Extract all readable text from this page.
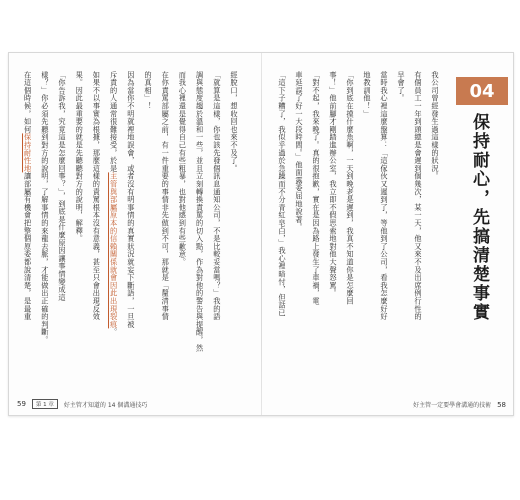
經脫口，想收回也來不及了。
「就算是這樣，你也該先發個訊息通知公司，不是比較妥當嗎？」我的語
調與態度趨於溫和一些，並且立刻轉換責罵的切入點，作為對他的警告與提醒，然
而我心裡還是覺得自己有些粗暴，也對他感到有些歉意。
在你責罵部屬之前，有一件重要的事情非先做到不可，那就是「釐清事情
的真相」！
因為當你不明就裡地誤會，或者沒有明事情的真實狀況就妄下斷語，一旦被
斥責的人通常很難接受，於是主管與部屬原本的信賴關係就會因此出現裂痕。
如果不以事實為根據，那麼這樣的責罵根本沒有意義，甚至只會出現反效
果。因此最重要的就是先聽聽對方的說明，解釋。
「你告訴我，究竟這是怎麼回事？」，到底是什麼原因讓事情變成這
樣？」你必須先聽到對方的說明，了解事情的來龍去脈，才能做出正確的判斷。
在這個時候，如何保持耐性地讓部屬有機會把整個原委都說清楚，是最重
59	第 1 章	好主管才知道的 14 個溝通技巧
04
保持耐心，先搞清楚事實
我公司曾經發生過這樣的狀況。
有個員工一年到頭總是會遲到個幾次，某一天，他又來不及出席例行性的
早會了。
當時我心裡這麼盤算：「這傢伙又遲到了，等他到了公司，看我怎麼好好
地教訓他！」
「你到底在摸什麼魚啊，一天到晚老是遲到，我真不知道你是怎麼回
事！」他前腳才剛踏進辦公室，我立即不假思索地對他大聲怒罵。
「對不起，我來晚了。真的很抱歉，實在是因為路上發生了車禍，電
車延誤了好一大段時間。」他面露委屈地說著。
「這下子糟了，我似乎過於急躁而不分青紅皂白，」我心裡暗忖，但話已
好主管一定要學會溝通的技術 58
